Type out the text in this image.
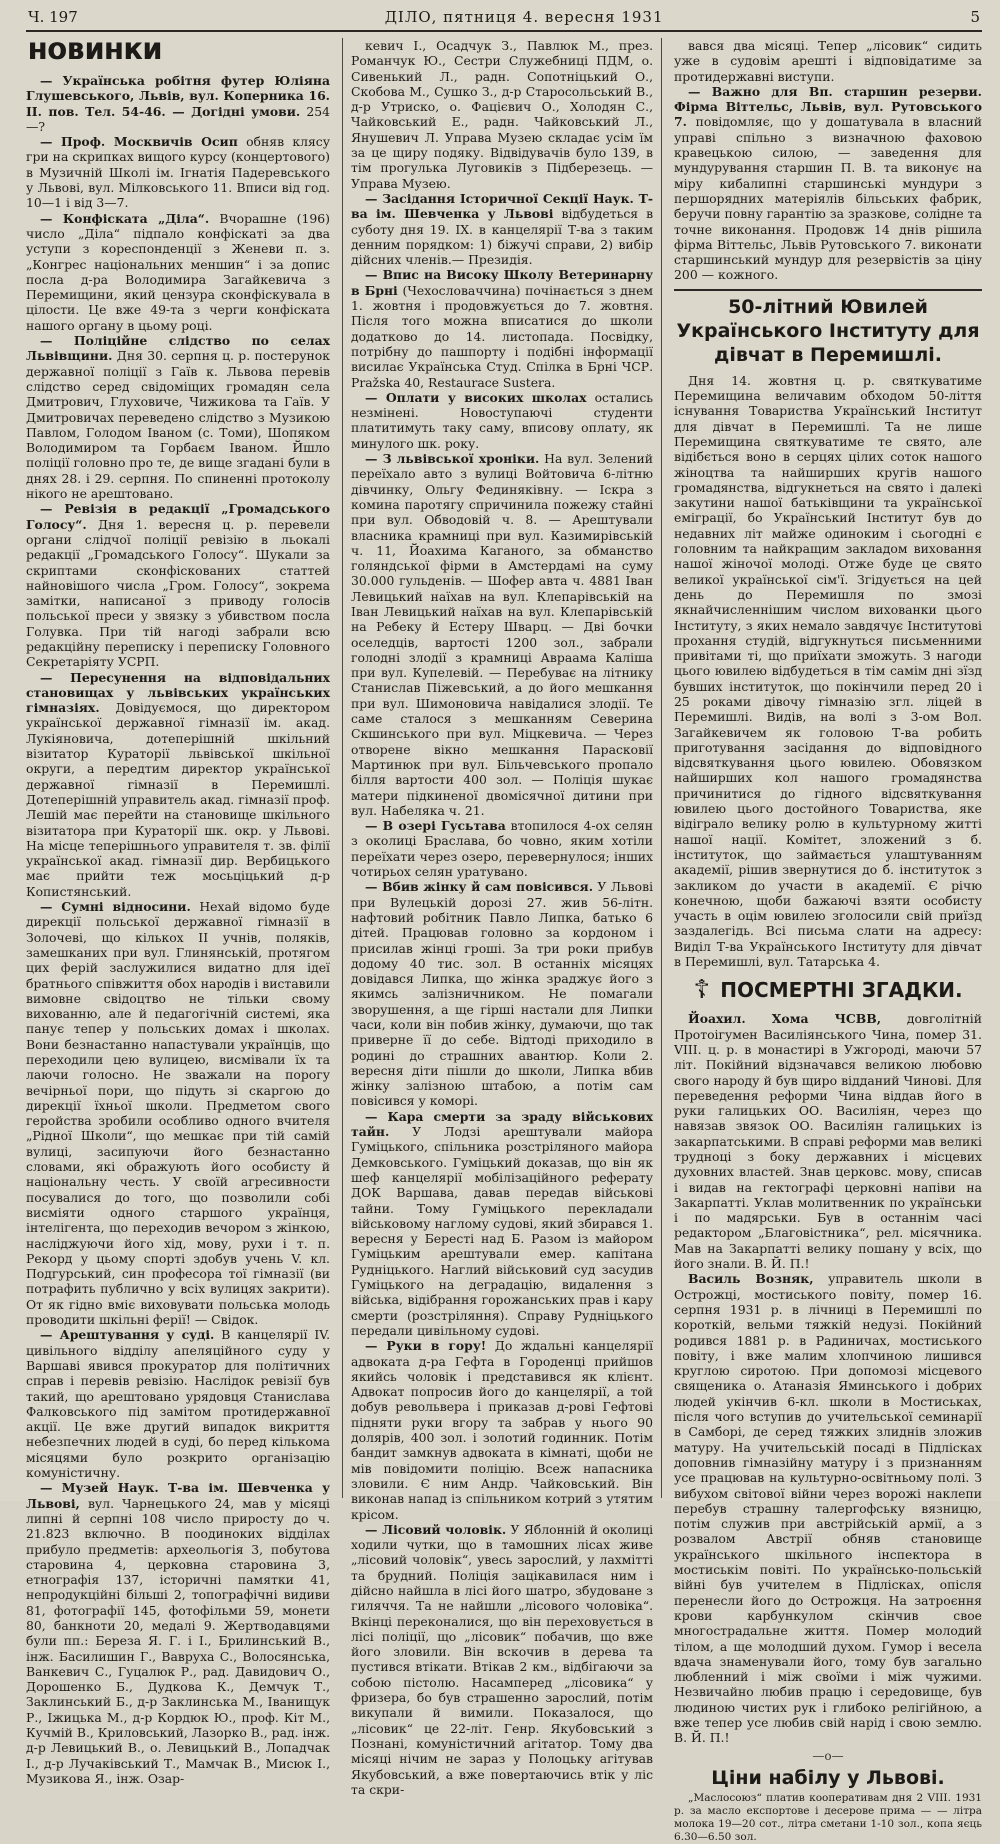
Ч. 197	ДІЛО, пятниця 4. вересня 1931	5
НОВИНКИ

— Українська робітня футер Юліяна Глушевського, Львів, вул. Коперника 16. II. пов. Тел. 54-46. — Догідні умови. 254—?

— Проф. Москвичів Осип обняв клясу гри на скрипках вищого курсу (концертового) в Музичній Школі ім. Ігнатія Падеревського у Львові, вул. Мілковського 11. Вписи від год. 10—1 і від 3—7.

— Конфіската „Діла“. Вчорашне (196) число „Діла“ підпало конфіскаті за два уступи з кореспонденції з Женеви п. з. „Конгрес національних меншин“ і за допис посла д-ра Володимира Загайкевича з Перемищини, який цензура сконфіскувала в цілости. Це вже 49-та з черги конфіската нашого органу в цьому році.

— Поліційне слідство по селах Львівщини. Дня 30. серпня ц. р. постерунок державної поліції з Гаїв к. Львова перевів слідство серед свідоміщих громадян села Дмитрович, Глуховиче, Чижикова та Гаїв. У Дмитровичах переведено слідство з Музикою Павлом, Голодом Іваном (с. Томи), Шопяком Володимиром та Горбаєм Іваном. Йшло поліції головно про те, де вище згадані були в днях 28. і 29. серпня. По спиненні протоколу нікого не арештовано.

— Ревізія в редакції „Громадського Голосу“. Дня 1. вересня ц. р. перевели органи слідчої поліції ревізію в льокалі редакції „Громадського Голосу“. Шукали за скриптами сконфіскованих статтей найновішого числа „Гром. Голосу“, зокрема замітки, написаної з приводу голосів польської преси у звязку з убивством посла Голувка. При тій нагоді забрали всю редакційну переписку і переписку Головного Секретаріяту УСРП.

— Пересунення на відповідальних становищах у львівських українських гімназіях. Довідуємося, що директором української державної гімназії ім. акад. Лукіяновича, дотеперішній шкільний візитатор Кураторії львівської шкільної округи, а передтим директор української державної гімназії в Перемишлі. Дотеперішній управитель акад. гімназії проф. Лешій має перейти на становище шкільного візитатора при Кураторії шк. окр. у Львові. На місце теперішнього управителя т. зв. філії української акад. гімназії дир. Вербицького має прийти теж мосьціцький д-р Копистянський.

— Сумні відносини. Нехай відомо буде дирекції польської державної гімназії в Золочеві, що кількох II учнів, поляків, замешканих при вул. Глинянській, протягом цих ферій заслужилися видатно для ідеї братнього співжиття обох народів і виставили вимовне свідоцтво не тільки свому вихованню, але й педагогічній системі, яка панує тепер у польських домах і школах. Вони безнастанно напастували українців, що переходили цею вулицею, висмівали їх та лаючи голосно. Не зважали на порогу вечірньої пори, що підуть зі скаргою до дирекції їхньої школи. Предметом свого геройства зробили особливо одного вчителя „Рідної Школи“, що мешкає при тій самій вулиці, засипуючи його безнастанно словами, які ображують його особисту й національну честь. У своїй агресивности посувалися до того, що позволили собі висміяти одного старшого українця, інтелігента, що переходив вечором з жінкою, насліджуючи його хід, мову, рухи і т. п. Рекорд у цьому спорті здобув учень V. кл. Подгурський, син професора тої гімназії (ви потрафить публично у всіх вулицях закрити). От як гідно вміє виховувати польська молодь проводити шкільні ферії! — Свідок.

— Арештування у суді. В канцелярії IV. цивільного відділу апеляційного суду у Варшаві явився прокуратор для політичних справ і перевів ревізію. Наслідок ревізії був такий, що арештовано урядовця Станислава Фалковського під замітом протидержавної акції. Це вже другий випадок викриття небезпечних людей в суді, бо перед кількома місяцями було розкрито організацію комуністичну.

— Музей Наук. Т-ва ім. Шевченка у Львові, вул. Чарнецького 24, мав у місяці липні й серпні 108 число приросту до ч. 21.823 включно. В поодиноких відділах прибуло предметів: археольогія 3, побутова старовина 4, церковна старовина 3, етнографія 137, історичні памятки 41, непродукційні більші 2, топографічні видиви 81, фотографії 145, фотофільми 59, монети 80, банкноти 20, медалі 9. Жертводавцями були пп.: Береза Я. Г. і І., Брилинський В., інж. Басилишин Г., Вавруха С., Волосянська, Ванкевич С., Гуцалюк Р., рад. Давидович О., Дорошенко Б., Дудкова К., Демчук Т., Заклинський Б., д-р Заклинська М., Іванищук Р., Іжицька М., д-р Кордюк Ю., проф. Кіт М., Кучмій В., Криловський, Лазорко В., рад. інж. д-р Левицький В., о. Левицький В., Лопадчак І., д-р Лучаківський Т., Мамчак В., Мисюк І., Музикова Я., інж. Озар-

кевич І., Осадчук З., Павлюк М., през. Романчук Ю., Сестри Служебниці ПДМ, о. Сивенький Л., радн. Сопотніцький О., Скобова М., Сушко З., д-р Старосольський В., д-р Утриско, о. Фацієвич О., Холодян С., Чайковський Е., радн. Чайковський Л., Янушевич Л. Управа Музею складає усім їм за це щиру подяку. Відвідувачів було 139, в тім прогулька Луговиків з Підберезець. — Управа Музею.

— Засідання Історичної Секції Наук. Т-ва ім. Шевченка у Львові відбудеться в суботу дня 19. IX. в канцелярії Т-ва з таким денним порядком: 1) біжучі справи, 2) вибір дійсних членів.— Президія.

— Впис на Високу Школу Ветеринарну в Брні (Чехословаччина) почінається з днем 1. жовтня і продовжується до 7. жовтня. Після того можна вписатися до школи додатково до 14. листопада. Посвідку, потрібну до пашпорту і подібні інформації висилає Українська Студ. Спілка в Брні ЧСР. Pražska 40, Restaurace Sustera.

— Оплати у високих школах остались незмінені. Новоступаючі студенти платитимуть таку саму, вписову оплату, як минулого шк. року.

— З львівської хроніки. На вул. Зелений переїхало авто з вулиці Войтовича 6-літню дівчинку, Ольгу Фединяківну. — Іскра з комина паротягу спричинила пожежу стайні при вул. Обводовій ч. 8. — Арештували власника крамниці при вул. Казимирівській ч. 11, Йоахима Каганого, за обманство голяндської фірми в Амстердамі на суму 30.000 гульденів. — Шофер авта ч. 4881 Іван Левицький наїхав на вул. Клепарівській на Іван Левицький наїхав на вул. Клепарівській на Ребеку й Естеру Шварц. — Дві бочки оселедців, вартості 1200 зол., забрали голодні злодії з крамниці Авраама Каліша при вул. Купелевій. — Перебуває на літнику Станислав Піжевський, а до його мешкання при вул. Шимоновича навідалися злодії. Те саме сталося з мешканням Северина Скшинського при вул. Міцкевича. — Через отворене вікно мешкання Парасковії Мартинюк при вул. Більчевського пропало білля вартости 400 зол. — Поліція шукає матери підкиненої двомісячної дитини при вул. Набеляка ч. 21.

— В озері Гусьтава втопилося 4-ох селян з околиці Браслава, бо човно, яким хотіли переїхати через озеро, перевернулося; інших чотирьох селян уратувано.

— Вбив жінку й сам повісився. У Львові при Вулецькій дорозі 27. жив 56-літн. нафтовий робітник Павло Липка, батько 6 дітей. Працював головно за кордоном і присилав жінці гроші. За три роки прибув додому 40 тис. зол. В останніх місяцях довідався Липка, що жінка зраджує його з якимсь залізничником. Не помагали зворушення, а ще гірші настали для Липки часи, коли він побив жінку, думаючи, що так приверне її до себе. Відтоді приходило в родині до страшних авантюр. Коли 2. вересня діти пішли до школи, Липка вбив жінку залізною штабою, а потім сам повісився у коморі.

— Кара смерти за зраду військових тайн. У Лодзі арештували майора Гуміцького, спільника розстріляного майора Демковського. Гуміцький доказав, що він як шеф канцелярії мобілізаційного реферату ДОК Варшава, давав передав військові тайни. Тому Гуміцького перекладали військовому наглому судові, який збирався 1. вересня у Бересті над Б. Разом із майором Гуміцьким арештували емер. капітана Рудніцького. Наглий військовий суд засудив Гуміцького на деградацію, видалення з війська, відібрання горожанських прав і кару смерти (розстріляння). Справу Рудніцького передали цивільному судові.

— Руки в гору! До ждальні канцелярії адвоката д-ра Гефта в Городенці прийшов якийсь чоловік і представився як клієнт. Адвокат попросив його до канцелярії, а той добув револьвера і приказав д-рові Гефтові підняти руки вгору та забрав у нього 90 долярів, 400 зол. і золотий годинник. Потім бандит замкнув адвоката в кімнаті, щоби не мів повідомити поліцію. Всеж напасника зловили. Є ним Андр. Чайковський. Він виконав напад із спільником котрий з утятим крісом.

— Лісовий чоловік. У Яблонній й околиці ходили чутки, що в тамошних лісах живе „лісовий чоловік“, увесь зарослий, у лахмітті та брудний. Поліція зацікавилася ним і дійсно найшла в лісі його шатро, збудоване з гиляччя. Та не найшли „лісового чоловіка“. Вкінці переконалися, що він переховується в лісі поліції, що „лісовик“ побачив, що вже його зловили. Він вскочив в дерева та пустився втікати. Втікав 2 км., відбігаючи за собою пістолю. Насамперед „лісовика“ у фризера, бо був страшенно зарослий, потім викупали й вимили. Показалося, що „лісовик“ це 22-літ. Генр. Якубовський з Познані, комуністичний агітатор. Тому два місяці нічим не зараз у Полоцьку агітував Якубовський, а вже повертаючись втік у ліс та скри-

вався два місяці. Тепер „лісовик“ сидить уже в судовім арешті і відповідатиме за протидержавні виступи.

— Важно для Вп. старшин резерви. Фірма Віттельс, Львів, вул. Рутовського 7. повідомляє, що у дошатувала в власний управі спільно з визначною фаховою кравецькою силою, — заведення для мундурування старшин П. В. та виконує на міру кибалипні старшинські мундури з першорядних матеріялів більських фабрик, беручи повну гарантію за зразкове, солідне та точне виконання. Продовж 14 днів рішила фірма Віттельс, Львів Рутовського 7. виконати старшинський мундур для резервістів за ціну 200 — кожного.

50-літний Ювилей Українського Інституту для дівчат в Перемишлі.

Дня 14. жовтня ц. р. святкуватиме Перемищина величавим обходом 50-ліття існування Товариства Український Інститут для дівчат в Перемишлі. Та не лише Перемищина святкуватиме те свято, але відібється воно в серцях цілих соток нашого жіноцтва та найширших кругів нашого громадянства, відгукнеться на свято і далекі закутини нашої батьківщини та української еміграції, бо Український Інститут був до недавних літ майже одиноким і сьогодні є головним та найкращим закладом виховання нашої жіночої молоді. Отже буде це свято великої української сім'ї. Згідується на цей день до Перемишля по змозі якнайчисленнішим числом вихованки цього Інституту, з яких немало завдячує Інститутові прохання студій, відгукнуться письменними привітами ті, що приїхати зможуть. З нагоди цього ювилею відбудеться в тім самім дні зїзд бувших інституток, що покінчили перед 20 і 25 роками дівочу гімназію згл. ліцей в Перемишлі. Видів, на волі з 3-ом Вол. Загайкевичем як головою Т-ва робить приготування засідання до відповідного відсвяткування цього ювилею. Обовязком найширших кол нашого громадянства причинитися до гідного відсвяткування ювилею цього достойного Товариства, яке відіграло велику ролю в культурному житті нашої нації. Комітет, зложений з б. інституток, що займається улаштуванням академії, рішив звернутися до б. інституток з закликом до участи в академії. Є річю конечною, щоби бажаючі взяти особисту участь в оцім ювилею зголосили свій приїзд заздалегідь. Всі письма слати на адресу: Виділ Т-ва Українського Інституту для дівчат в Перемишлі, вул. Татарська 4.

☦ ПОСМЕРТНІ ЗГАДКИ.

Йоахил. Хома ЧСВВ, довголітній Протоігумен Василіянського Чина, помер 31. VIII. ц. р. в монастирі в Ужгороді, маючи 57 літ. Покійний відзначався великою любовю свого народу й був щиро відданий Чинові. Для переведення реформи Чина віддав його в руки галицьких ОО. Василіян, через що навязав звязок ОО. Василіян галицьких із закарпатськими. В справі реформи мав великі трудноці з боку державних і місцевих духовних властей. Знав церковс. мову, списав і видав на гектографі церковні напіви на Закарпатті. Уклав молитвенник по українськи і по мадярськи. Був в останнім часі редактором „Благовістника“, рел. місячника. Мав на Закарпатті велику пошану у всіх, що його знали. В. Й. П.!

Василь Возняк, управитель школи в Острожці, мостиського повіту, помер 16. серпня 1931 р. в лічниці в Перемишлі по короткій, вельми тяжкій недузі. Покійний родився 1881 р. в Радиничах, мостиського повіту, і вже малим хлопчиною лишився круглою сиротою. При допомозі місцевого священика о. Атаназія Яминського і добрих людей укінчив 6-кл. школи в Мостиськах, після чого вступив до учительської семинарії в Самборі, де серед тяжких злиднів зложив матуру. На учительській посаді в Підлісках доповнив гімназійну матуру і з признанням усе працював на культурно-освітньому полі. З вибухом світової війни через ворожі наклепи перебув страшну талергофську вязницю, потім служив при австрійській армії, а з розвалом Австрії обняв становище українського шкільного інспектора в мостиськім повіті. По українсько-польській війні був учителем в Підлісках, опісля перенесли його до Острожця. На затроєння крови карбункулом скінчив свое многострадальне життя. Помер молодий тілом, а ще молодший духом. Гумор і весела вдача знаменували його, тому був загально любленний і між своїми і між чужими. Незвичайно любив працю і середовище, був людиною чистих рук і глибоко релігійною, а вже тепер усе любив свій нарід і свою землю. В. Й. П.!

—o—
Ціни набілу у Львові.

„Маслосоюз“ платив кооперативам дня 2 VIII. 1931 р. за масло експортове і десерове прима — — літра молока 19—20 сот., літра сметани 1-10 зол., копа яєць 6.30—6.50 зол.
